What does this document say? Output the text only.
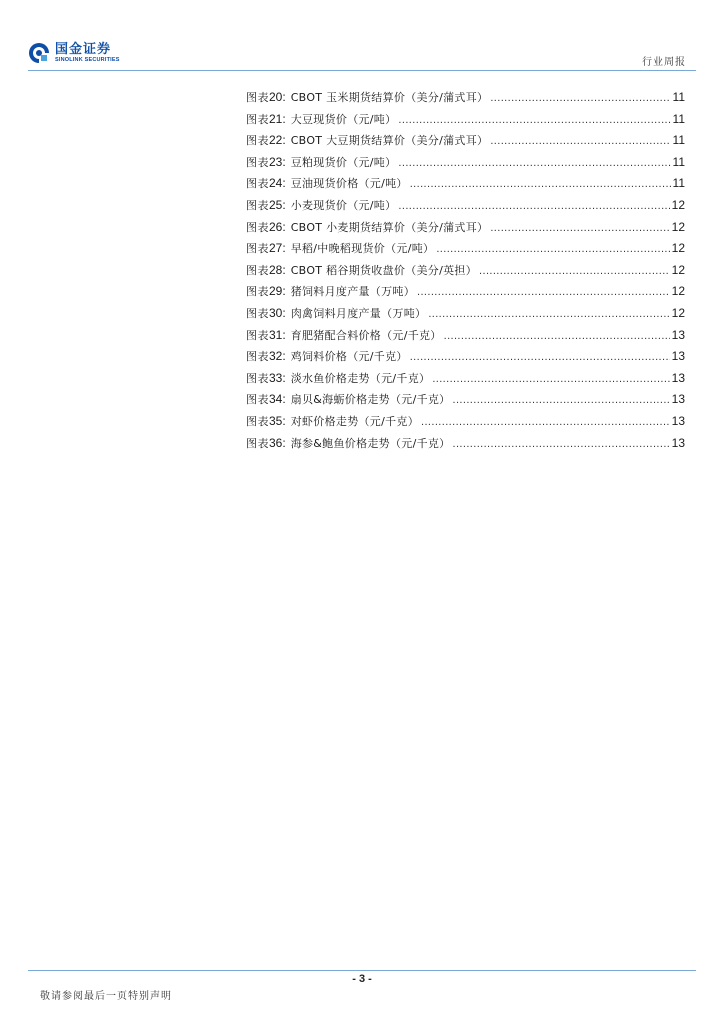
国金证券
SINOLINK SECURITIES	行业周报
图表 20 : CBOT 玉米期货结算价（美分/蒲式耳） .....	11
图表 21 : 大豆现货价（元/吨） .....	11
图表 22 : CBOT 大豆期货结算价（美分/蒲式耳） .....	11
图表 23 : 豆粕现货价（元/吨） .....	11
图表 24 : 豆油现货价格（元/吨） .....	11
图表 25 : 小麦现货价（元/吨） .....	12
图表 26 : CBOT 小麦期货结算价（美分/蒲式耳） .....	12
图表 27 : 早稻/中晚稻现货价（元/吨） .....	12
图表 28 : CBOT 稻谷期货收盘价（美分/英担） .....	12
图表 29 : 猪饲料月度产量（万吨） .....	12
图表 30 : 肉禽饲料月度产量（万吨） .....	12
图表 31 : 育肥猪配合料价格（元/千克） .....	13
图表 32 : 鸡饲料价格（元/千克） .....	13
图表 33 : 淡水鱼价格走势（元/千克） .....	13
图表 34 : 扇贝&海蛎价格走势（元/千克） .....	13
图表 35 : 对虾价格走势（元/千克） .....	13
图表 36 : 海参&鲍鱼价格走势（元/千克） .....	13
- 3 -
敬请参阅最后一页特别声明
